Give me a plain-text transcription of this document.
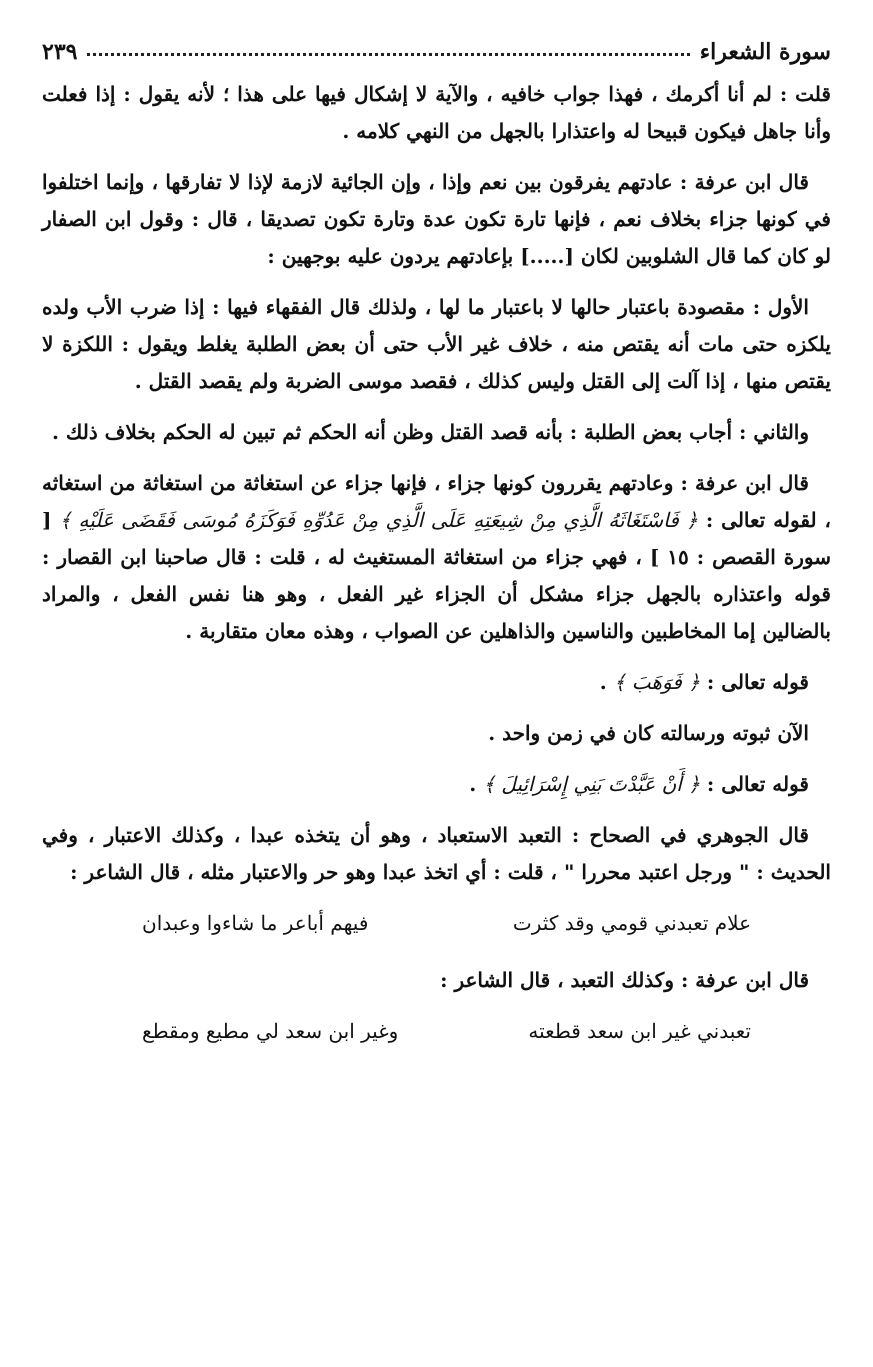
سورة الشعراء
٢٣٩

قلت : لم أنا أكرمك ، فهذا جواب خافيه ، والآية لا إشكال فيها على هذا ؛ لأنه يقول : إذا فعلت وأنا جاهل فيكون قبيحا له واعتذارا بالجهل من النهي كلامه .

قال ابن عرفة : عادتهم يفرقون بين نعم وإذا ، وإن الجائية لازمة لإذا لا تفارقها ، وإنما اختلفوا في كونها جزاء بخلاف نعم ، فإنها تارة تكون عدة وتارة تكون تصديقا ، قال : وقول ابن الصفار لو كان كما قال الشلوبين لكان [.....] بإعادتهم يردون عليه بوجهين :

الأول : مقصودة باعتبار حالها لا باعتبار ما لها ، ولذلك قال الفقهاء فيها : إذا ضرب الأب ولده يلكزه حتى مات أنه يقتص منه ، خلاف غير الأب حتى أن بعض الطلبة يغلط ويقول : اللكزة لا يقتص منها ، إذا آلت إلى القتل وليس كذلك ، فقصد موسى الضربة ولم يقصد القتل .

والثاني : أجاب بعض الطلبة : بأنه قصد القتل وظن أنه الحكم ثم تبين له الحكم بخلاف ذلك .

قال ابن عرفة : وعادتهم يقررون كونها جزاء ، فإنها جزاء عن استغاثة من استغاثة من استغاثه ، لقوله تعالى : ﴿ فَاسْتَغَاثَهُ الَّذِي مِنْ شِيعَتِهِ عَلَى الَّذِي مِنْ عَدُوِّهِ فَوَكَزَهُ مُوسَى فَقَضَى عَلَيْهِ ﴾ [ سورة القصص : ١٥ ] ، فهي جزاء من استغاثة المستغيث له ، قلت : قال صاحبنا ابن القصار : قوله واعتذاره بالجهل جزاء مشكل أن الجزاء غير الفعل ، وهو هنا نفس الفعل ، والمراد بالضالين إما المخاطبين والناسين والذاهلين عن الصواب ، وهذه معان متقاربة .

قوله تعالى : ﴿ فَوَهَبَ ﴾ .

الآن ثبوته ورسالته كان في زمن واحد .

قوله تعالى : ﴿ أَنْ عَبَّدْتَ بَنِي إِسْرَائِيلَ ﴾ .

قال الجوهري في الصحاح : التعبد الاستعباد ، وهو أن يتخذه عبدا ، وكذلك الاعتبار ، وفي الحديث : " ورجل اعتبد محررا " ، قلت : أي اتخذ عبدا وهو حر والاعتبار مثله ، قال الشاعر :

علام تعبدني قومي وقد كثرت
فيهم أباعر ما شاءوا وعبدان

قال ابن عرفة : وكذلك التعبد ، قال الشاعر :

تعبدني غير ابن سعد قطعته
وغير ابن سعد لي مطيع ومقطع
